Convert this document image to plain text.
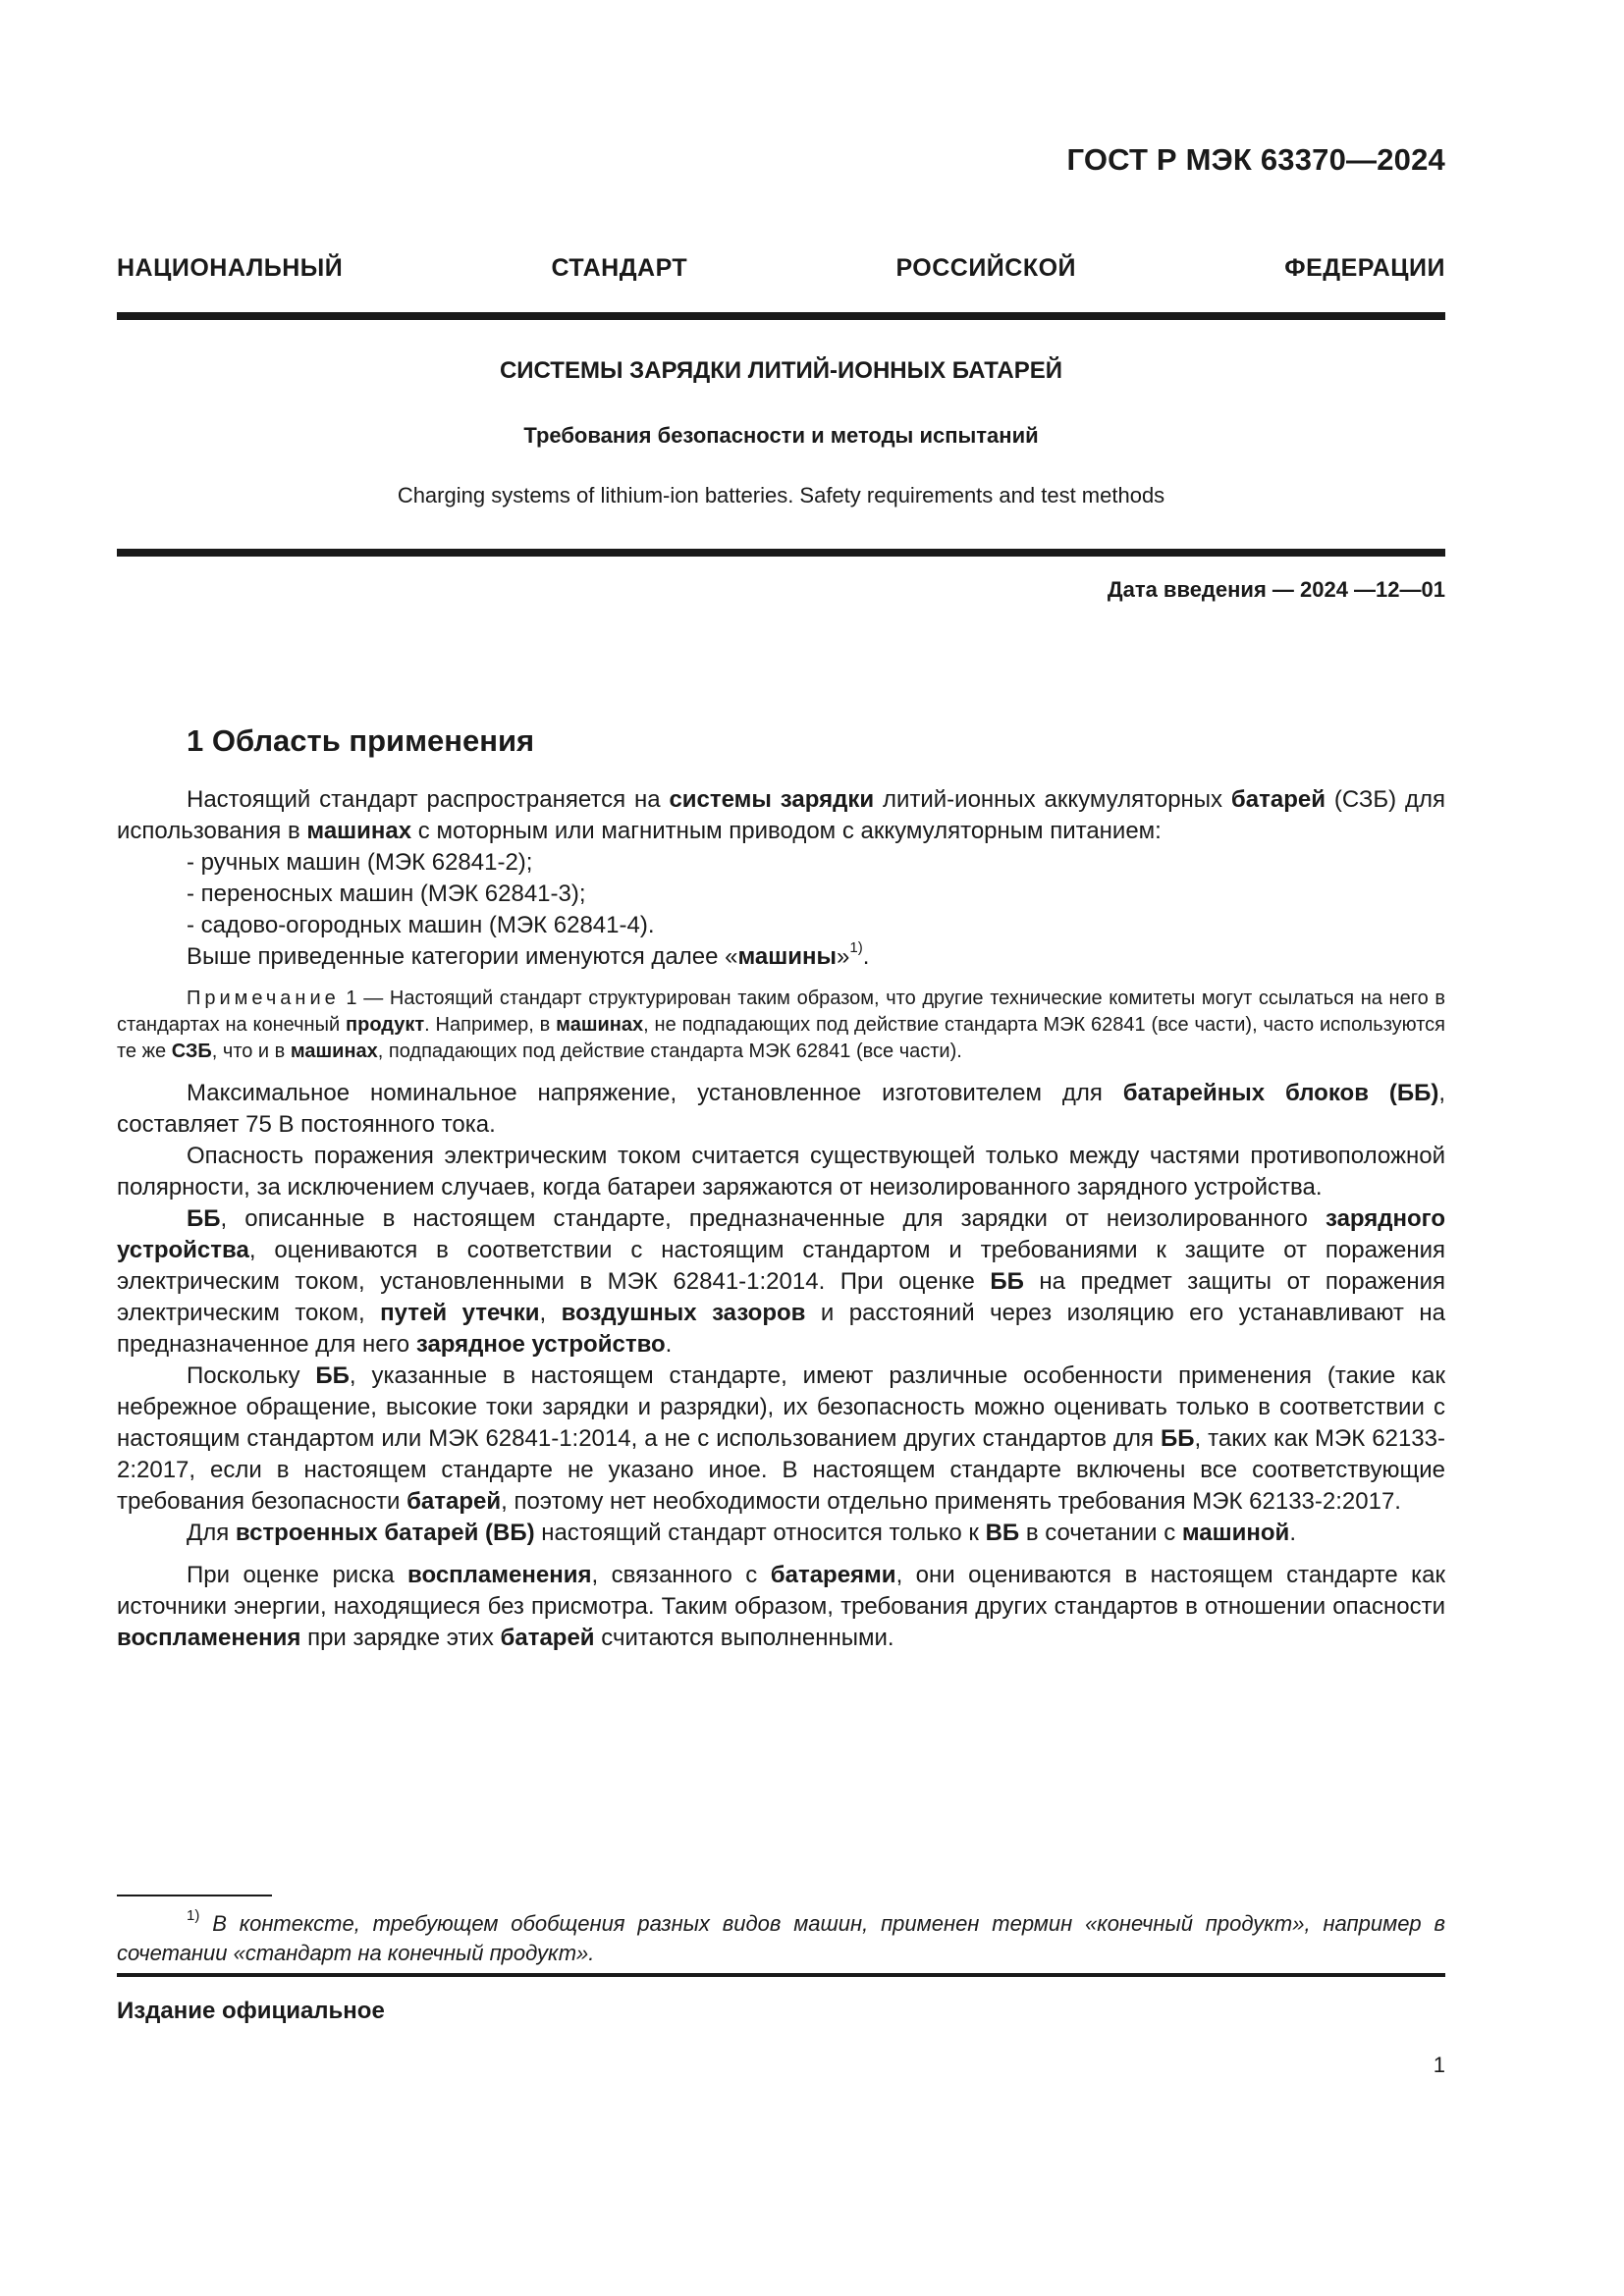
ГОСТ Р МЭК 63370—2024
НАЦИОНАЛЬНЫЙ СТАНДАРТ РОССИЙСКОЙ ФЕДЕРАЦИИ
СИСТЕМЫ ЗАРЯДКИ ЛИТИЙ-ИОННЫХ БАТАРЕЙ
Требования безопасности и методы испытаний
Charging systems of lithium-ion batteries. Safety requirements and test methods
Дата введения — 2024 —12—01
1 Область применения

Настоящий стандарт распространяется на системы зарядки литий-ионных аккумуляторных батарей (СЗБ) для использования в машинах с моторным или магнитным приводом с аккумуляторным питанием:

- ручных машин (МЭК 62841-2);

- переносных машин (МЭК 62841-3);

- садово-огородных машин (МЭК 62841-4).

Выше приведенные категории именуются далее «машины»$^{1)}$.

Примечание 1 — Настоящий стандарт структурирован таким образом, что другие технические комитеты могут ссылаться на него в стандартах на конечный продукт. Например, в машинах, не подпадающих под действие стандарта МЭК 62841 (все части), часто используются те же СЗБ, что и в машинах, подпадающих под действие стандарта МЭК 62841 (все части).

Максимальное номинальное напряжение, установленное изготовителем для батарейных блоков (ББ), составляет 75 В постоянного тока.

Опасность поражения электрическим током считается существующей только между частями противоположной полярности, за исключением случаев, когда батареи заряжаются от неизолированного зарядного устройства.

ББ, описанные в настоящем стандарте, предназначенные для зарядки от неизолированного зарядного устройства, оцениваются в соответствии с настоящим стандартом и требованиями к защите от поражения электрическим током, установленными в МЭК 62841-1:2014. При оценке ББ на предмет защиты от поражения электрическим током, путей утечки, воздушных зазоров и расстояний через изоляцию его устанавливают на предназначенное для него зарядное устройство.

Поскольку ББ, указанные в настоящем стандарте, имеют различные особенности применения (такие как небрежное обращение, высокие токи зарядки и разрядки), их безопасность можно оценивать только в соответствии с настоящим стандартом или МЭК 62841-1:2014, а не с использованием других стандартов для ББ, таких как МЭК 62133-2:2017, если в настоящем стандарте не указано иное. В настоящем стандарте включены все соответствующие требования безопасности батарей, поэтому нет необходимости отдельно применять требования МЭК 62133-2:2017.

Для встроенных батарей (ВБ) настоящий стандарт относится только к ВБ в сочетании с машиной.

При оценке риска воспламенения, связанного с батареями, они оцениваются в настоящем стандарте как источники энергии, находящиеся без присмотра. Таким образом, требования других стандартов в отношении опасности воспламенения при зарядке этих батарей считаются выполненными.

$^{1)}$ В контексте, требующем обобщения разных видов машин, применен термин «конечный продукт», например в сочетании «стандарт на конечный продукт».
Издание официальное
1
